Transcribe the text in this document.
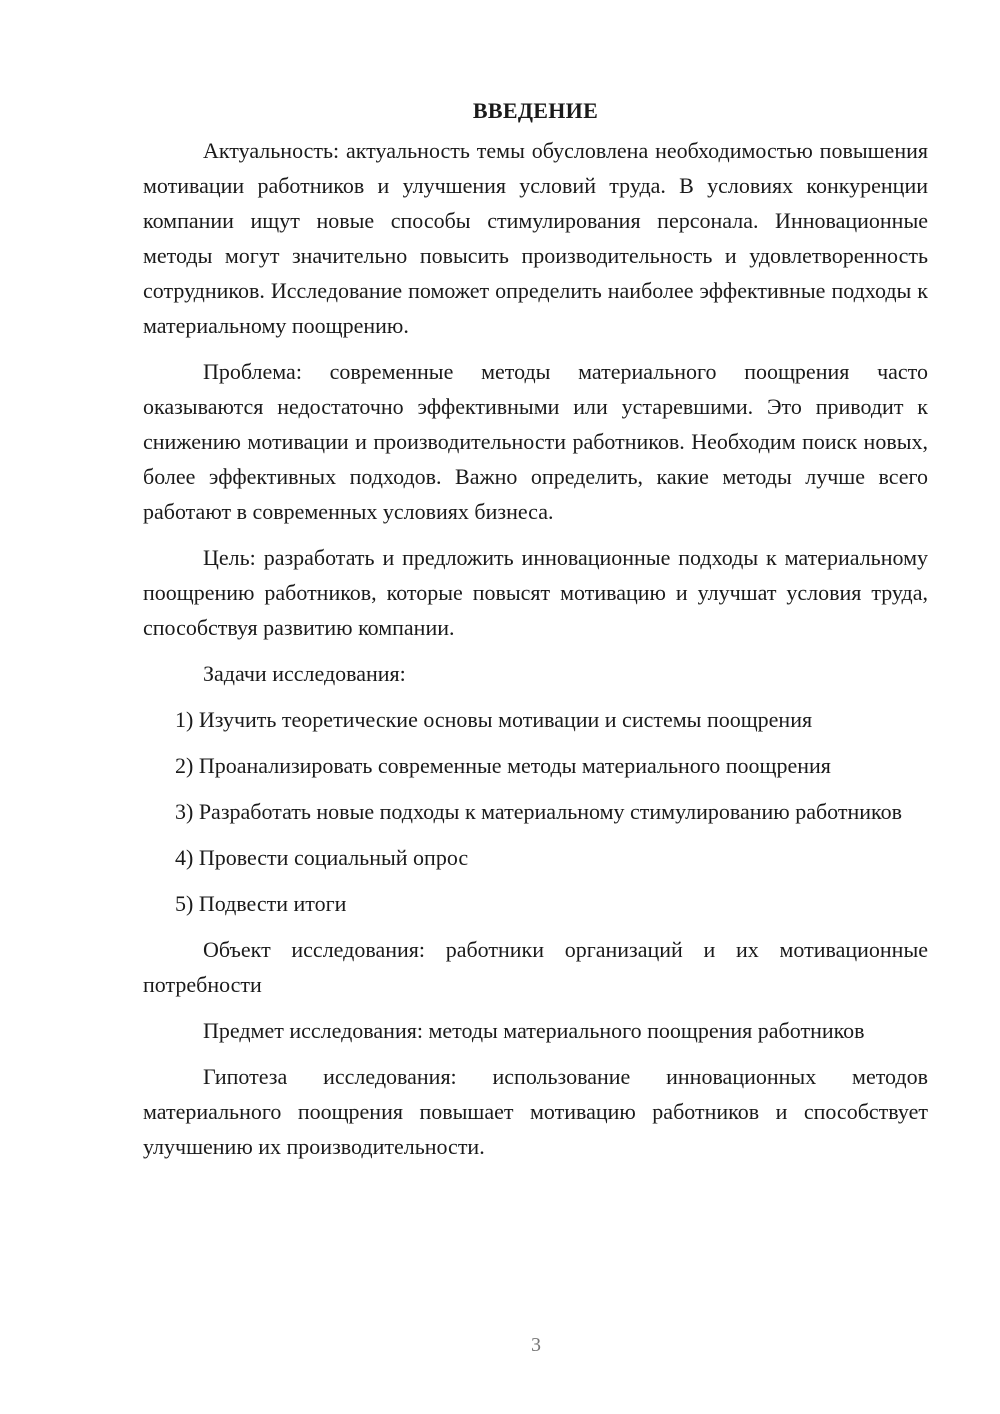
ВВЕДЕНИЕ

Актуальность: актуальность темы обусловлена необходимостью повышения мотивации работников и улучшения условий труда. В условиях конкуренции компании ищут новые способы стимулирования персонала. Инновационные методы могут значительно повысить производительность и удовлетворенность сотрудников. Исследование поможет определить наиболее эффективные подходы к материальному поощрению.

Проблема: современные методы материального поощрения часто оказываются недостаточно эффективными или устаревшими. Это приводит к снижению мотивации и производительности работников. Необходим поиск новых, более эффективных подходов. Важно определить, какие методы лучше всего работают в современных условиях бизнеса.

Цель: разработать и предложить инновационные подходы к материальному поощрению работников, которые повысят мотивацию и улучшат условия труда, способствуя развитию компании.

Задачи исследования:

1) Изучить теоретические основы мотивации и системы поощрения

2) Проанализировать современные методы материального поощрения

3) Разработать новые подходы к материальному стимулированию работников

4) Провести социальный опрос

5) Подвести итоги

Объект исследования: работники организаций и их мотивационные потребности

Предмет исследования: методы материального поощрения работников

Гипотеза исследования: использование инновационных методов материального поощрения повышает мотивацию работников и способствует улучшению их производительности.

3
